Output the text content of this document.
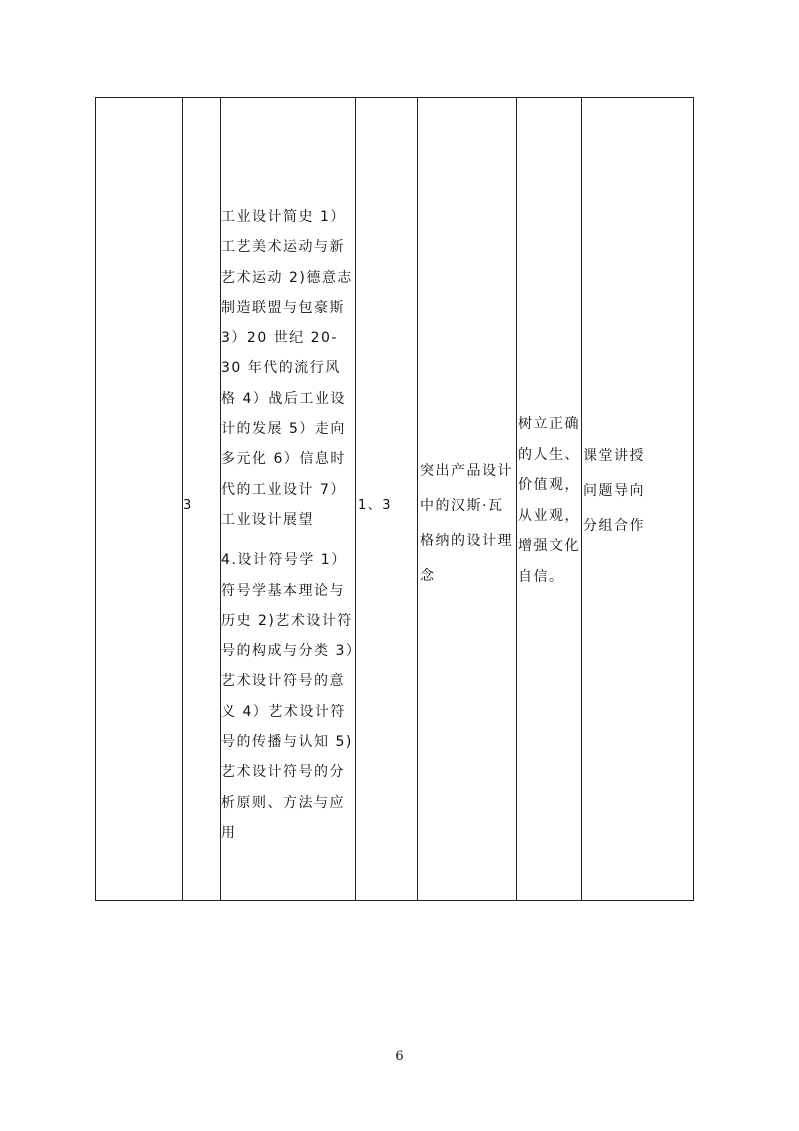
3

工业设计简史 1）工艺美术运动与新艺术运动 2)德意志制造联盟与包豪斯 3）20 世纪 20-30 年代的流行风格 4）战后工业设计的发展 5）走向多元化 6）信息时代的工业设计 7）工业设计展望

4.设计符号学 1）符号学基本理论与历史 2)艺术设计符号的构成与分类 3）艺术设计符号的意义 4）艺术设计符号的传播与认知 5)艺术设计符号的分析原则、方法与应用

1、3
突出产品设计中的汉斯·瓦格纳的设计理念
树立正确的人生、价值观，从业观，增强文化自信。
课堂讲授问题导向分组合作
6
